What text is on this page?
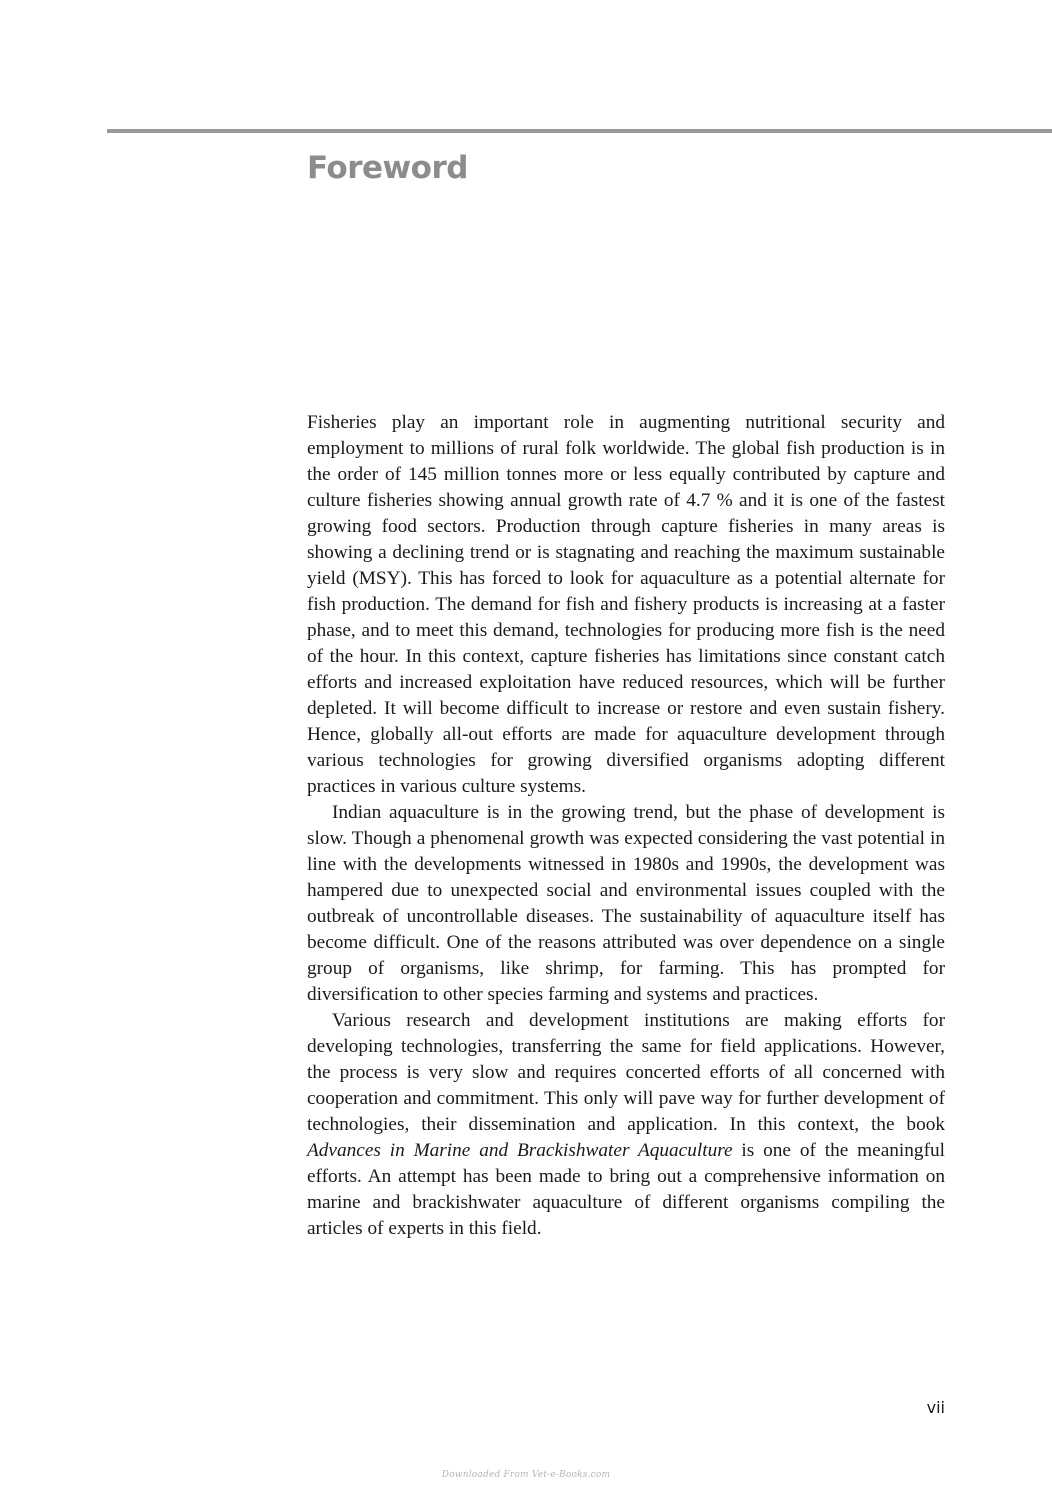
Foreword

Fisheries play an important role in augmenting nutritional security and employment to millions of rural folk worldwide. The global fish production is in the order of 145 million tonnes more or less equally contributed by capture and culture fisheries showing annual growth rate of 4.7 % and it is one of the fastest growing food sectors. Production through capture fisheries in many areas is showing a declining trend or is stagnating and reaching the maximum sustainable yield (MSY). This has forced to look for aquaculture as a potential alternate for fish production. The demand for fish and fishery products is increasing at a faster phase, and to meet this demand, technologies for producing more fish is the need of the hour. In this context, capture fisheries has limitations since constant catch efforts and increased exploitation have reduced resources, which will be further depleted. It will become difficult to increase or restore and even sustain fishery. Hence, globally all-out efforts are made for aquaculture development through various technologies for growing diversified organisms adopting different practices in various culture systems.

Indian aquaculture is in the growing trend, but the phase of development is slow. Though a phenomenal growth was expected considering the vast potential in line with the developments witnessed in 1980s and 1990s, the development was hampered due to unexpected social and environmental issues coupled with the outbreak of uncontrollable diseases. The sustainability of aquaculture itself has become difficult. One of the reasons attributed was over dependence on a single group of organisms, like shrimp, for farming. This has prompted for diversification to other species farming and systems and practices.

Various research and development institutions are making efforts for developing technologies, transferring the same for field applications. However, the process is very slow and requires concerted efforts of all concerned with cooperation and commitment. This only will pave way for further development of technologies, their dissemination and application. In this context, the book Advances in Marine and Brackishwater Aquaculture is one of the meaningful efforts. An attempt has been made to bring out a comprehensive information on marine and brackishwater aquaculture of different organisms compiling the articles of experts in this field.

vii
Downloaded From Vet-e-Books.com
